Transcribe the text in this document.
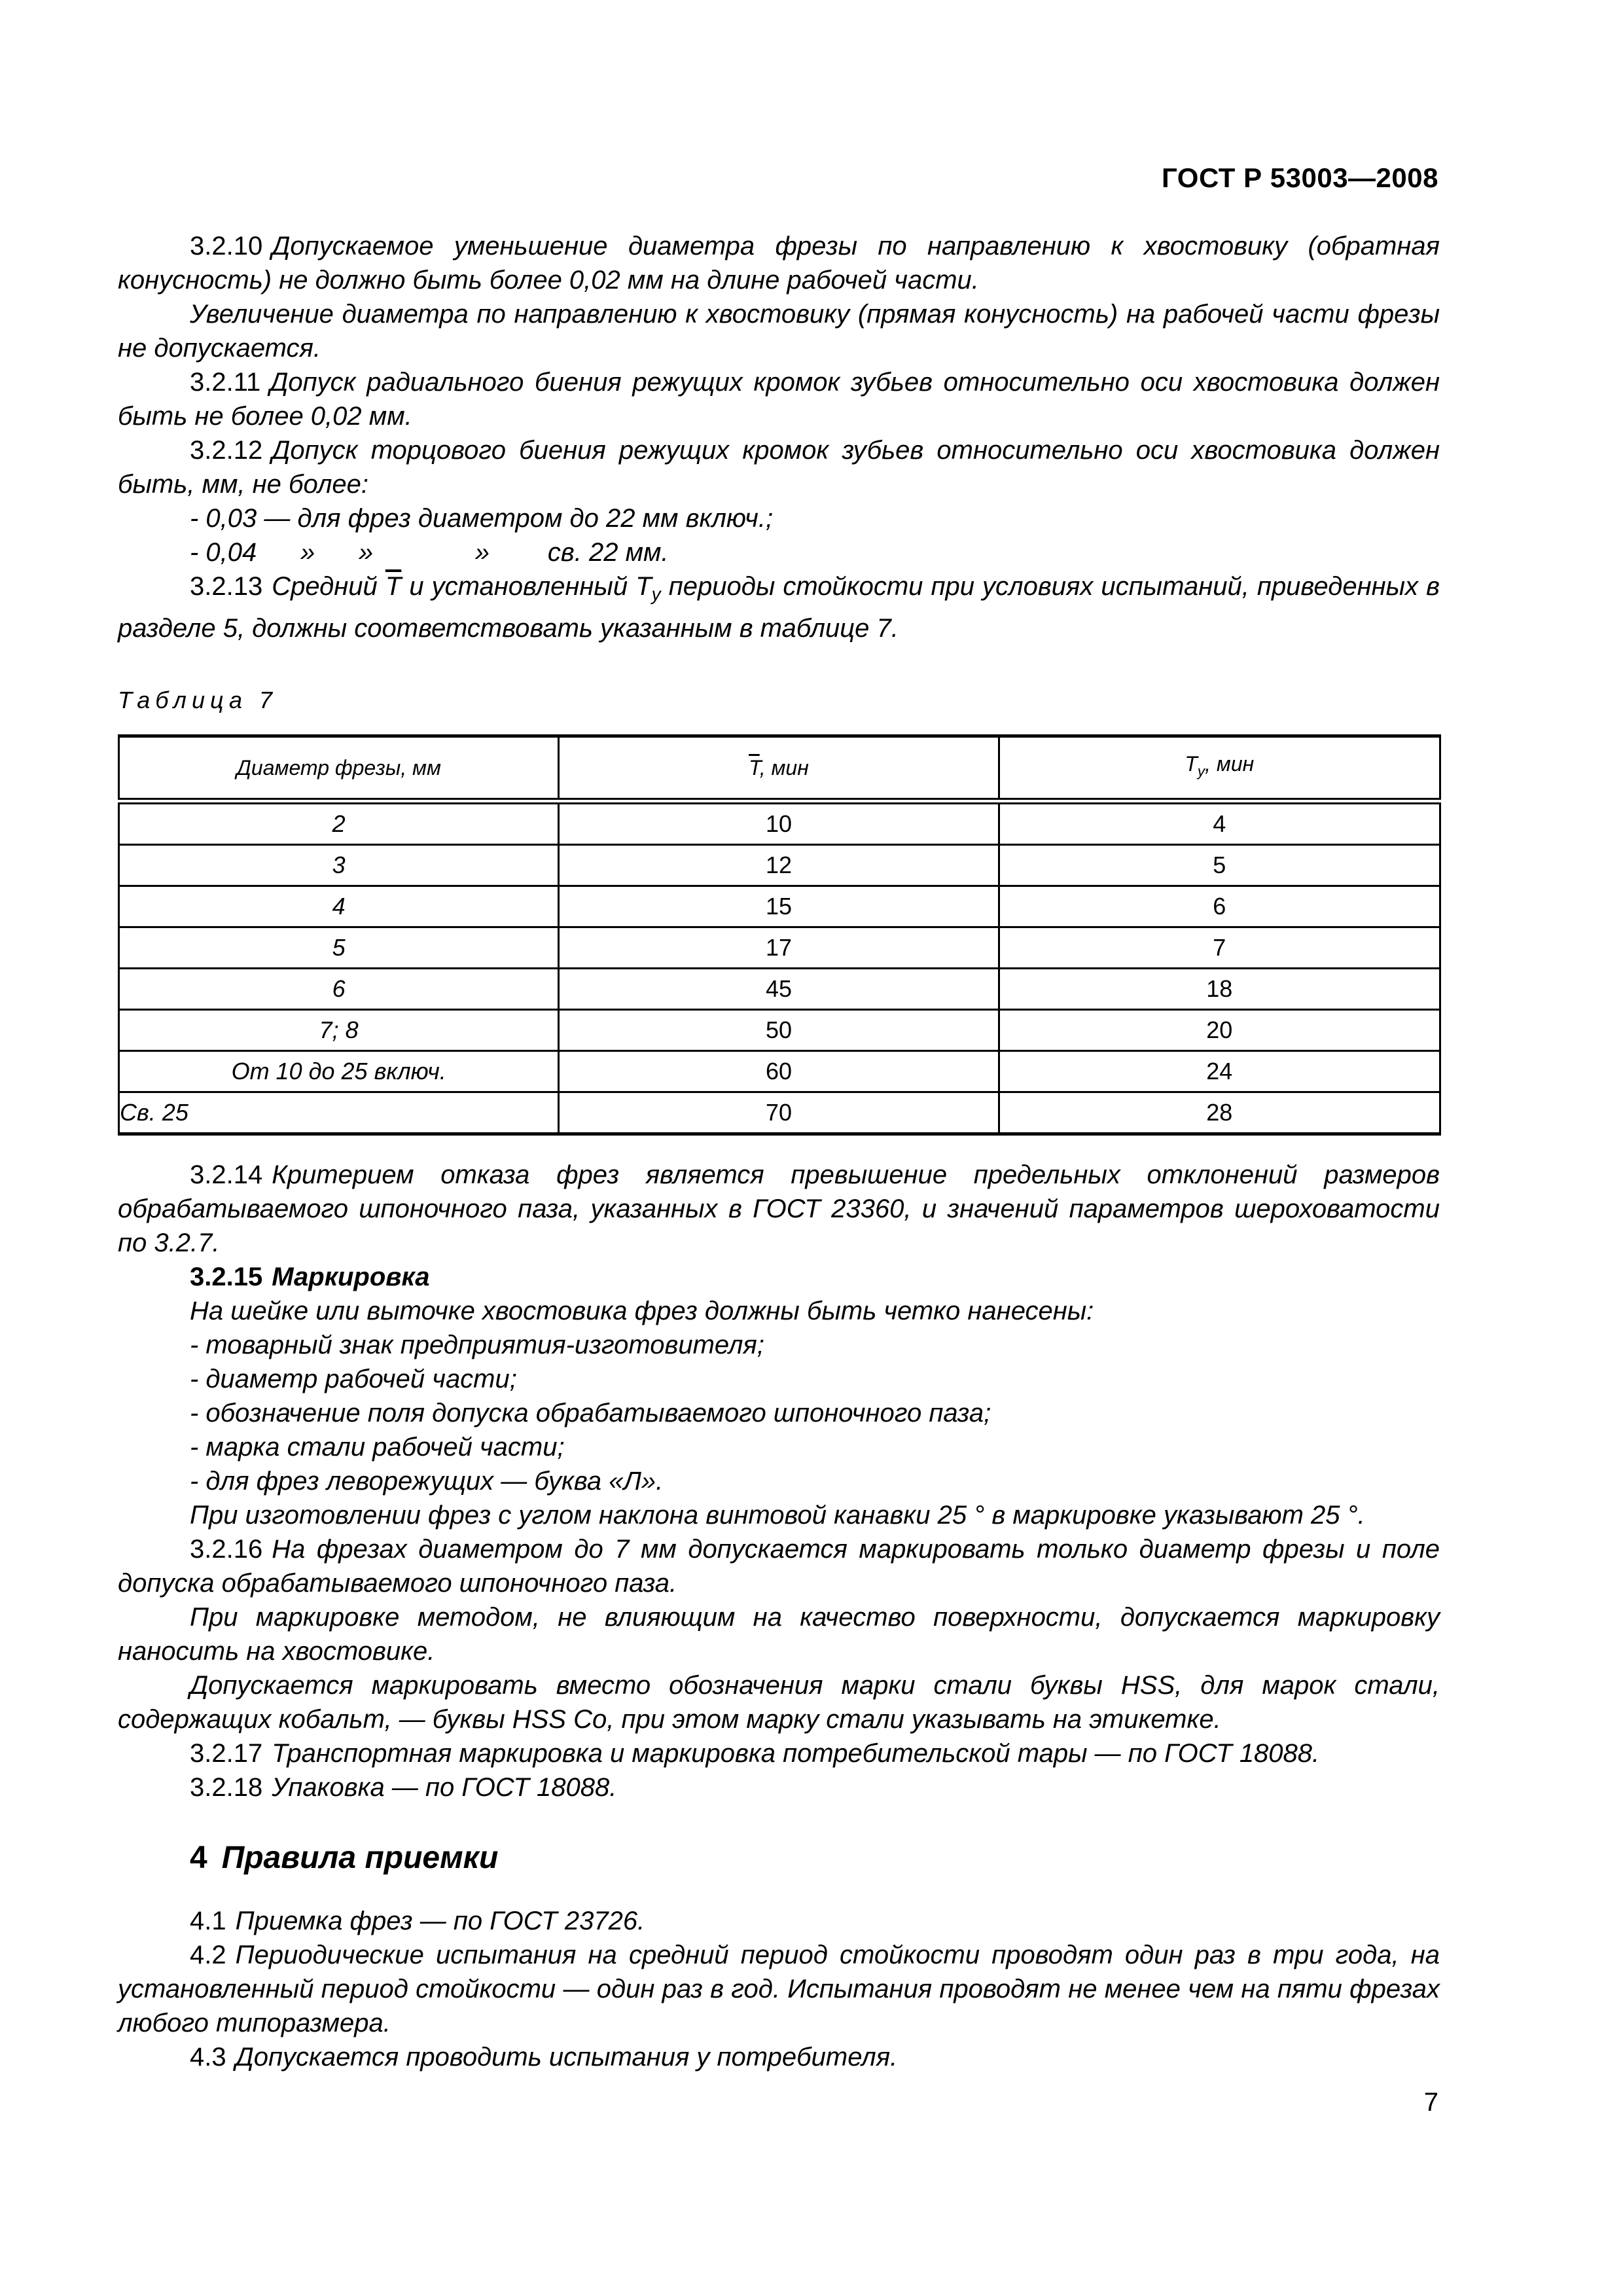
ГОСТ Р 53003—2008

3.2.10 Допускаемое уменьшение диаметра фрезы по направлению к хвостовику (обратная конусность) не должно быть более 0,02 мм на длине рабочей части.

Увеличение диаметра по направлению к хвостовику (прямая конусность) на рабочей части фрезы не допускается.

3.2.11 Допуск радиального биения режущих кромок зубьев относительно оси хвостовика должен быть не более 0,02 мм.

3.2.12 Допуск торцового биения режущих кромок зубьев относительно оси хвостовика должен быть, мм, не более:

- 0,03 — для фрез диаметром до 22 мм включ.;

- 0,04      »      »              »        св. 22 мм.

3.2.13 Средний $\overline{T}$ и установленный $T_y$ периоды стойкости при условиях испытаний, приведенных в разделе 5, должны соответствовать указанным в таблице 7.

Таблица 7

Диаметр фрезы, мм	$\overline{T}$, мин	$T_y$, мин
2	10	4
3	12	5
4	15	6
5	17	7
6	45	18
7; 8	50	20
От 10 до 25 включ.	60	24
Св. 25	70	28

3.2.14 Критерием отказа фрез является превышение предельных отклонений размеров обрабатываемого шпоночного паза, указанных в ГОСТ 23360, и значений параметров шероховатости по 3.2.7.

3.2.15 Маркировка

На шейке или выточке хвостовика фрез должны быть четко нанесены:

- товарный знак предприятия-изготовителя;

- диаметр рабочей части;

- обозначение поля допуска обрабатываемого шпоночного паза;

- марка стали рабочей части;

- для фрез леворежущих — буква «Л».

При изготовлении фрез с углом наклона винтовой канавки 25 ° в маркировке указывают 25 °.

3.2.16 На фрезах диаметром до 7 мм допускается маркировать только диаметр фрезы и поле допуска обрабатываемого шпоночного паза.

При маркировке методом, не влияющим на качество поверхности, допускается маркировку наносить на хвостовике.

Допускается маркировать вместо обозначения марки стали буквы HSS, для марок стали, содержащих кобальт, — буквы HSS Co, при этом марку стали указывать на этикетке.

3.2.17 Транспортная маркировка и маркировка потребительской тары — по ГОСТ 18088.

3.2.18 Упаковка — по ГОСТ 18088.

4 Правила приемки

4.1 Приемка фрез — по ГОСТ 23726.

4.2 Периодические испытания на средний период стойкости проводят один раз в три года, на установленный период стойкости — один раз в год. Испытания проводят не менее чем на пяти фрезах любого типоразмера.

4.3 Допускается проводить испытания у потребителя.

7
